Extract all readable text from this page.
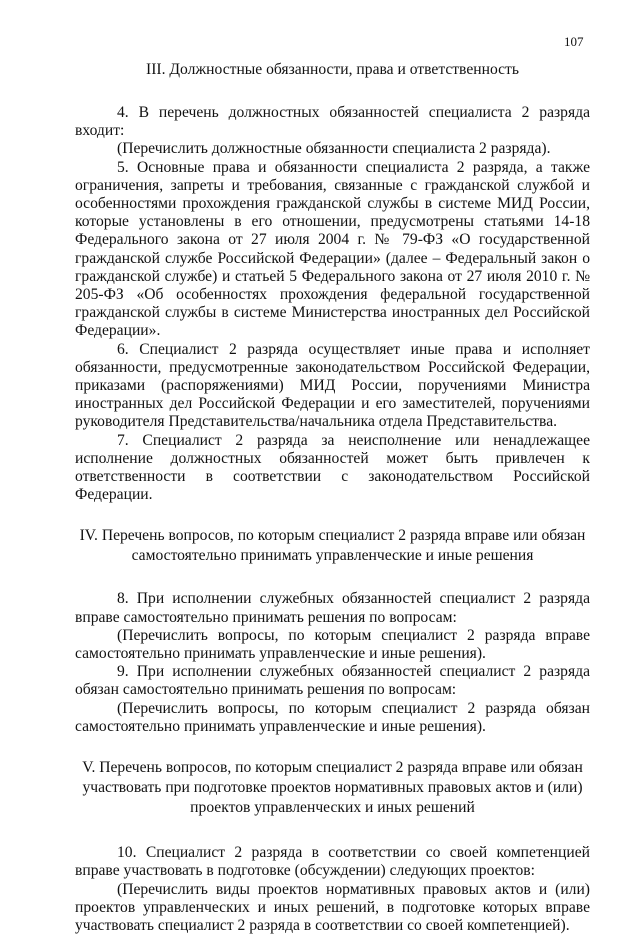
107

III. Должностные обязанности, права и ответственность

4. В перечень должностных обязанностей специалиста 2 разряда входит:

(Перечислить должностные обязанности специалиста 2 разряда).

5. Основные права и обязанности специалиста 2 разряда, а также ограничения, запреты и требования, связанные с гражданской службой и особенностями прохождения гражданской службы в системе МИД России, которые установлены в его отношении, предусмотрены статьями 14-18 Федерального закона от 27 июля 2004 г. № 79-ФЗ «О государственной гражданской службе Российской Федерации» (далее – Федеральный закон о гражданской службе) и статьей 5 Федерального закона от 27 июля 2010 г. № 205-ФЗ «Об особенностях прохождения федеральной государственной гражданской службы в системе Министерства иностранных дел Российской Федерации».

6. Специалист 2 разряда осуществляет иные права и исполняет обязанности, предусмотренные законодательством Российской Федерации, приказами (распоряжениями) МИД России, поручениями Министра иностранных дел Российской Федерации и его заместителей, поручениями руководителя Представительства/начальника отдела Представительства.

7. Специалист 2 разряда за неисполнение или ненадлежащее исполнение должностных обязанностей может быть привлечен к ответственности в соответствии с законодательством Российской Федерации.

IV. Перечень вопросов, по которым специалист 2 разряда вправе или обязан

самостоятельно принимать управленческие и иные решения

8. При исполнении служебных обязанностей специалист 2 разряда вправе самостоятельно принимать решения по вопросам:

(Перечислить вопросы, по которым специалист 2 разряда вправе самостоятельно принимать управленческие и иные решения).

9. При исполнении служебных обязанностей специалист 2 разряда обязан самостоятельно принимать решения по вопросам:

(Перечислить вопросы, по которым специалист 2 разряда обязан самостоятельно принимать управленческие и иные решения).

V. Перечень вопросов, по которым специалист 2 разряда вправе или обязан

участвовать при подготовке проектов нормативных правовых актов и (или)

проектов управленческих и иных решений

10. Специалист 2 разряда в соответствии со своей компетенцией вправе участвовать в подготовке (обсуждении) следующих проектов:

(Перечислить виды проектов нормативных правовых актов и (или) проектов управленческих и иных решений, в подготовке которых вправе участвовать специалист 2 разряда в соответствии со своей компетенцией).
